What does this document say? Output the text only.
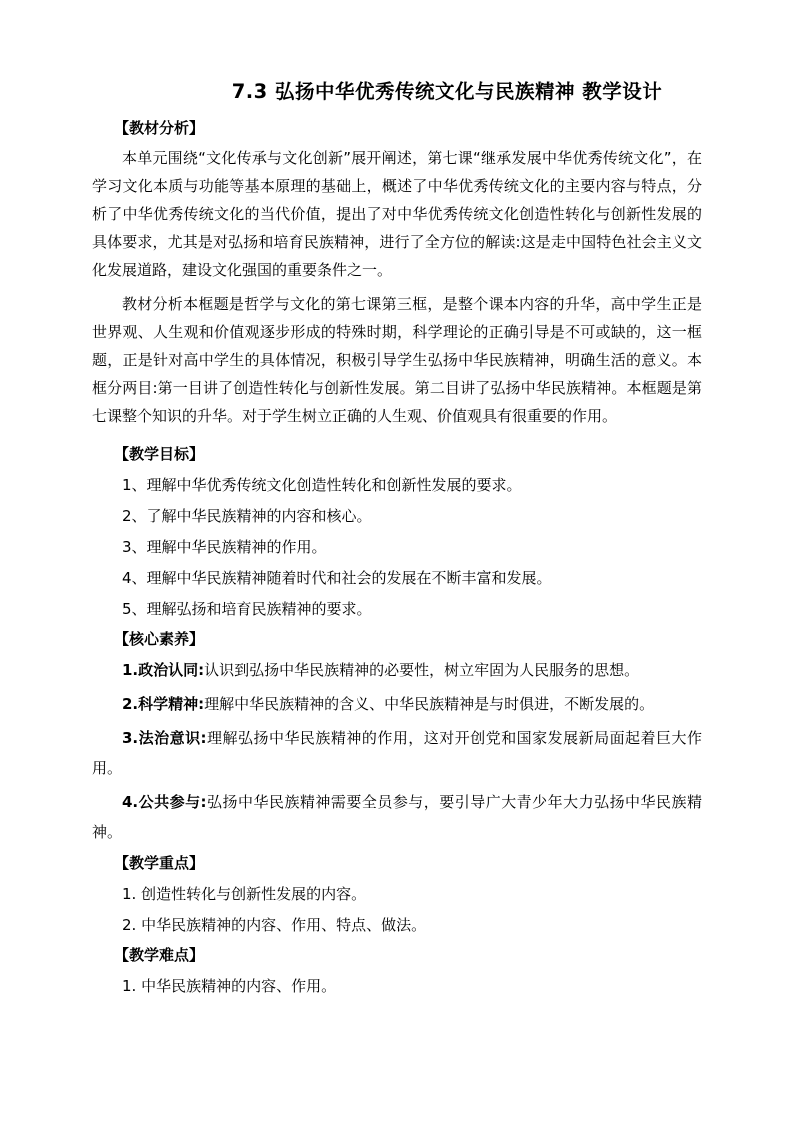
7.3 弘扬中华优秀传统文化与民族精神 教学设计
【教材分析】

本单元围绕“文化传承与文化创新”展开阐述，第七课“继承发展中华优秀传统文化”，在学习文化本质与功能等基本原理的基础上，概述了中华优秀传统文化的主要内容与特点，分析了中华优秀传统文化的当代价值，提出了对中华优秀传统文化创造性转化与创新性发展的具体要求，尤其是对弘扬和培育民族精神，进行了全方位的解读:这是走中国特色社会主义文化发展道路，建设文化强国的重要条件之一。

教材分析本框题是哲学与文化的第七课第三框，是整个课本内容的升华，高中学生正是世界观、人生观和价值观逐步形成的特殊时期，科学理论的正确引导是不可或缺的，这一框题，正是针对高中学生的具体情况，积极引导学生弘扬中华民族精神，明确生活的意义。本框分两目:第一目讲了创造性转化与创新性发展。第二目讲了弘扬中华民族精神。本框题是第七课整个知识的升华。对于学生树立正确的人生观、价值观具有很重要的作用。

【教学目标】
1、理解中华优秀传统文化创造性转化和创新性发展的要求。
2、了解中华民族精神的内容和核心。
3、理解中华民族精神的作用。
4、理解中华民族精神随着时代和社会的发展在不断丰富和发展。
5、理解弘扬和培育民族精神的要求。
【核心素养】

1.政治认同:认识到弘扬中华民族精神的必要性，树立牢固为人民服务的思想。

2.科学精神:理解中华民族精神的含义、中华民族精神是与时俱进，不断发展的。

3.法治意识:理解弘扬中华民族精神的作用，这对开创党和国家发展新局面起着巨大作用。

4.公共参与:弘扬中华民族精神需要全员参与，要引导广大青少年大力弘扬中华民族精神。

【教学重点】
1. 创造性转化与创新性发展的内容。
2. 中华民族精神的内容、作用、特点、做法。
【教学难点】
1. 中华民族精神的内容、作用。
